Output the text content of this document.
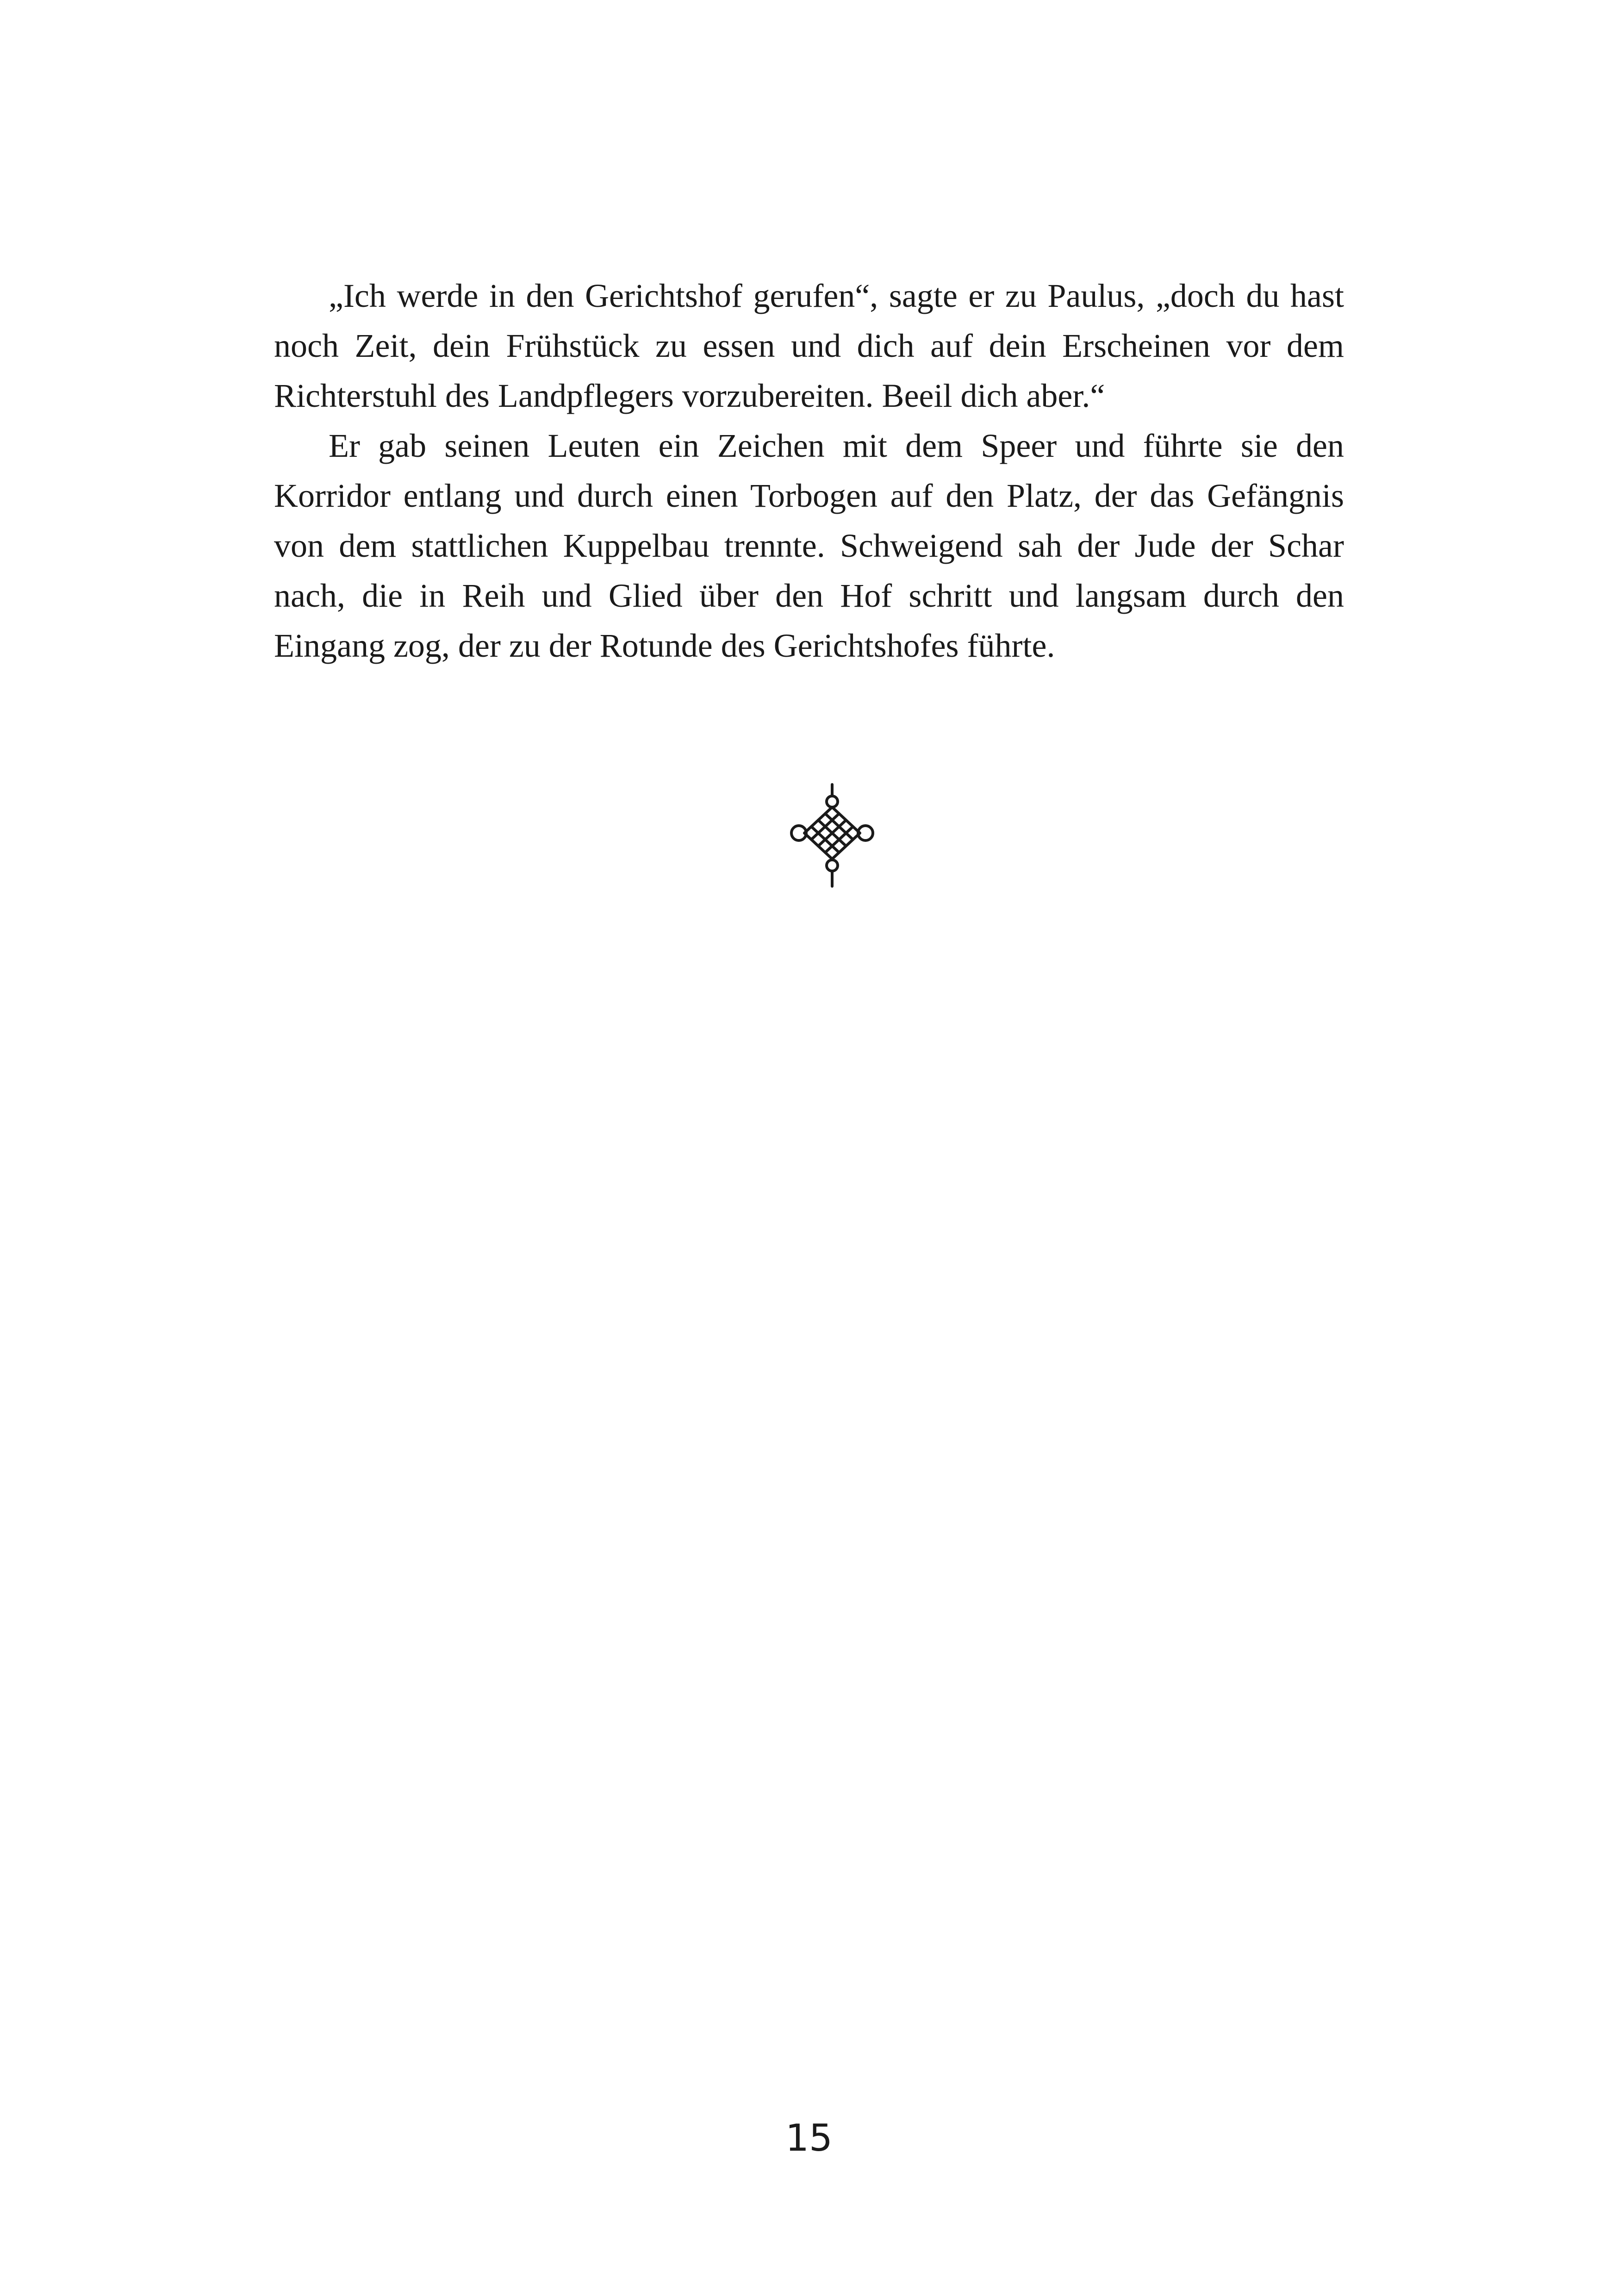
„Ich werde in den Gerichtshof gerufen“, sagte er zu Paulus, „doch du hast noch Zeit, dein Frühstück zu essen und dich auf dein Erscheinen vor dem Richterstuhl des Landpflegers vorzubereiten. Beeil dich aber.“

Er gab seinen Leuten ein Zeichen mit dem Speer und führte sie den Korridor entlang und durch einen Torbogen auf den Platz, der das Gefängnis von dem stattlichen Kuppelbau trennte. Schweigend sah der Jude der Schar nach, die in Reih und Glied über den Hof schritt und langsam durch den Eingang zog, der zu der Rotunde des Gerichtshofes führte.

15
